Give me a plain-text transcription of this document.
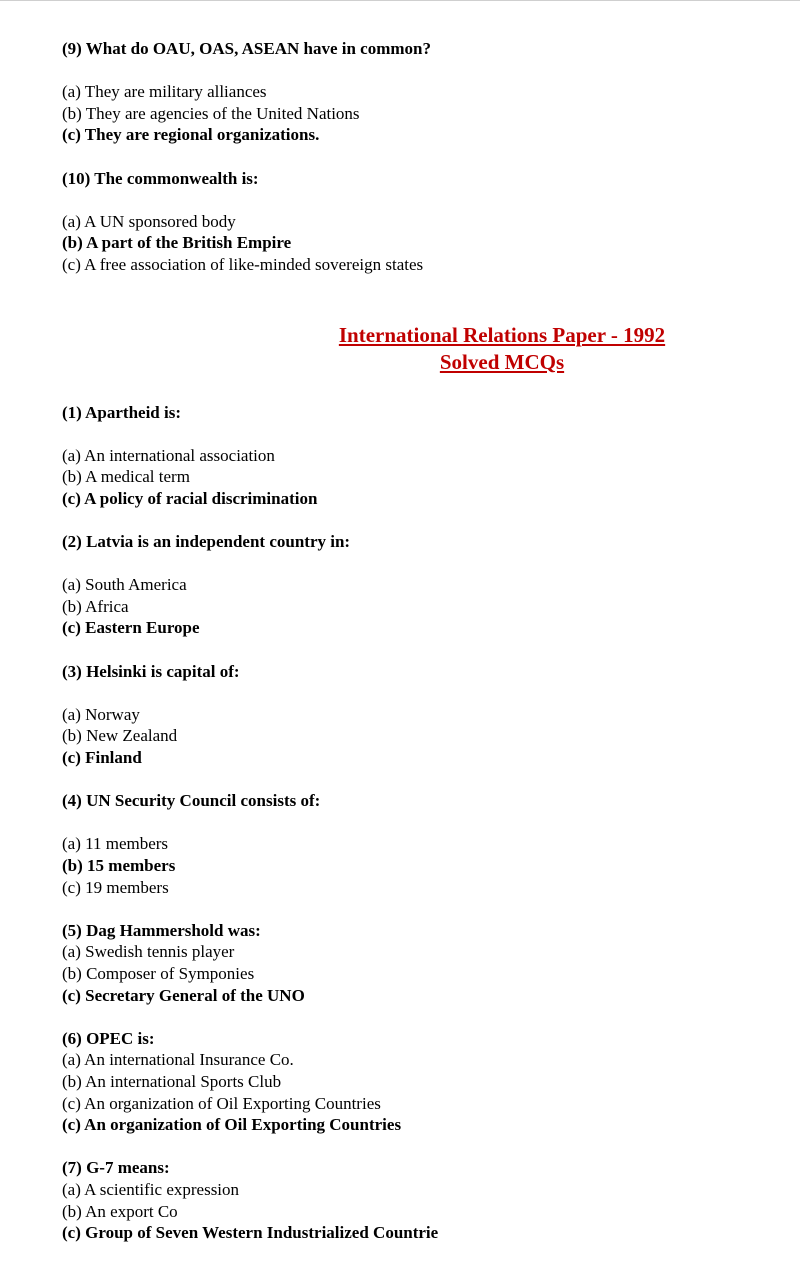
(9) What do OAU, OAS, ASEAN have in common?
(a) They are military alliances
(b) They are agencies of the United Nations
(c) They are regional organizations.
(10) The commonwealth is:
(a) A UN sponsored body
(b) A part of the British Empire
(c) A free association of like-minded sovereign states
International Relations Paper - 1992
Solved MCQs
(1) Apartheid is:
(a) An international association
(b) A medical term
(c) A policy of racial discrimination
(2) Latvia is an independent country in:
(a) South America
(b) Africa
(c) Eastern Europe
(3) Helsinki is capital of:
(a) Norway
(b) New Zealand
(c) Finland
(4) UN Security Council consists of:
(a) 11 members
(b) 15 members
(c) 19 members
(5) Dag Hammershold was:
(a) Swedish tennis player
(b) Composer of Symponies
(c) Secretary General of the UNO
(6) OPEC is:
(a) An international Insurance Co.
(b) An international Sports Club
(c) An organization of Oil Exporting Countries
(c) An organization of Oil Exporting Countries
(7) G-7 means:
(a) A scientific expression
(b) An export Co
(c) Group of Seven Western Industrialized Countrie
